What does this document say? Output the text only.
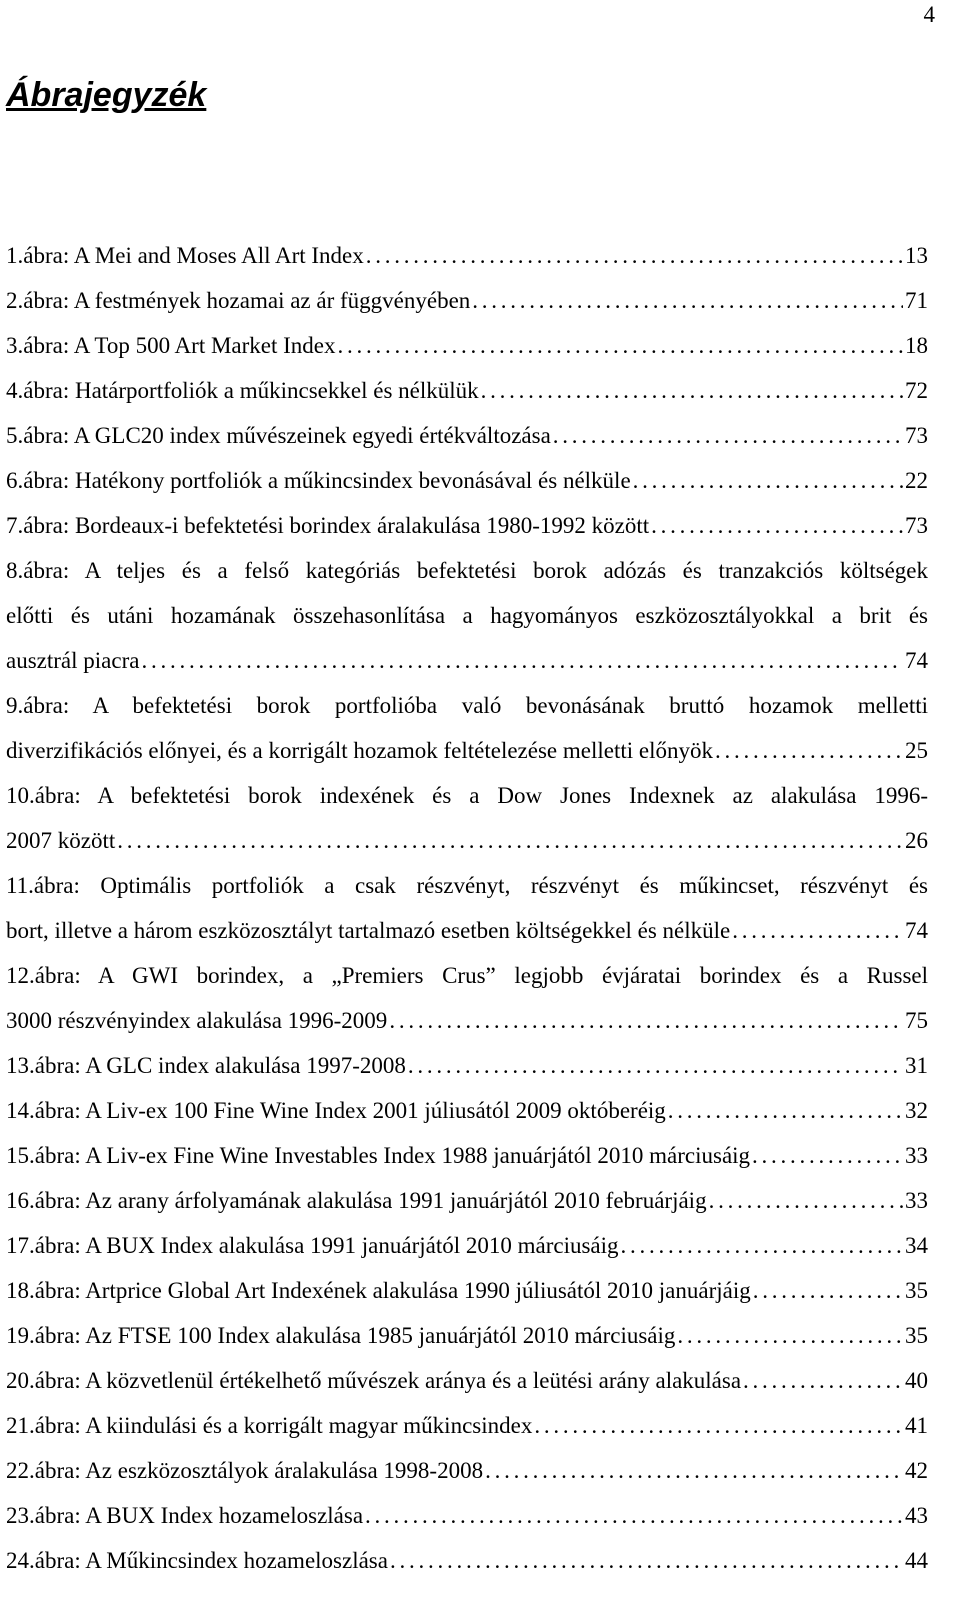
4
Ábrajegyzék
1.ábra: A Mei and Moses All Art Index . . .	13
2.ábra: A festmények hozamai az ár függvényében . . .	71
3.ábra: A Top 500 Art Market Index . . .	18
4.ábra: Határportfoliók a műkincsekkel és nélkülük . . .	72
5.ábra: A GLC20 index művészeinek egyedi értékváltozása . . .	73
6.ábra: Hatékony portfoliók a műkincsindex bevonásával és nélküle . . .	22
7.ábra: Bordeaux-i befektetési borindex áralakulása 1980-1992 között . . .	73
8.ábra: A teljes és a felső kategóriás befektetési borok adózás és tranzakciós költségek
előtti és utáni hozamának összehasonlítása a hagyományos eszközosztályokkal a brit és
ausztrál piacra . . .	74
9.ábra: A befektetési borok portfolióba való bevonásának bruttó hozamok melletti
diverzifikációs előnyei, és a korrigált hozamok feltételezése melletti előnyök . . .	25
10.ábra: A befektetési borok indexének és a Dow Jones Indexnek az alakulása 1996-
2007 között . . .	26
11.ábra: Optimális portfoliók a csak részvényt, részvényt és műkincset, részvényt és
bort, illetve a három eszközosztályt tartalmazó esetben költségekkel és nélküle . . .	74
12.ábra: A GWI borindex, a „Premiers Crus” legjobb évjáratai borindex és a Russel
3000 részvényindex alakulása 1996-2009 . . .	75
13.ábra: A GLC index alakulása 1997-2008 . . .	31
14.ábra: A Liv-ex 100 Fine Wine Index 2001 júliusától 2009 októberéig . . .	32
15.ábra: A Liv-ex Fine Wine Investables Index 1988 januárjától 2010 márciusáig . . .	33
16.ábra: Az arany árfolyamának alakulása 1991 januárjától 2010 februárjáig . . .	33
17.ábra: A BUX Index alakulása 1991 januárjától 2010 márciusáig . . .	34
18.ábra: Artprice Global Art Indexének alakulása 1990 júliusától 2010 januárjáig . . .	35
19.ábra: Az FTSE 100 Index alakulása 1985 januárjától 2010 márciusáig . . .	35
20.ábra: A közvetlenül értékelhető művészek aránya és a leütési arány alakulása . . .	40
21.ábra: A kiindulási és a korrigált magyar műkincsindex . . .	41
22.ábra: Az eszközosztályok áralakulása 1998-2008 . . .	42
23.ábra: A BUX Index hozameloszlása . . .	43
24.ábra: A Műkincsindex hozameloszlása . . .	44
